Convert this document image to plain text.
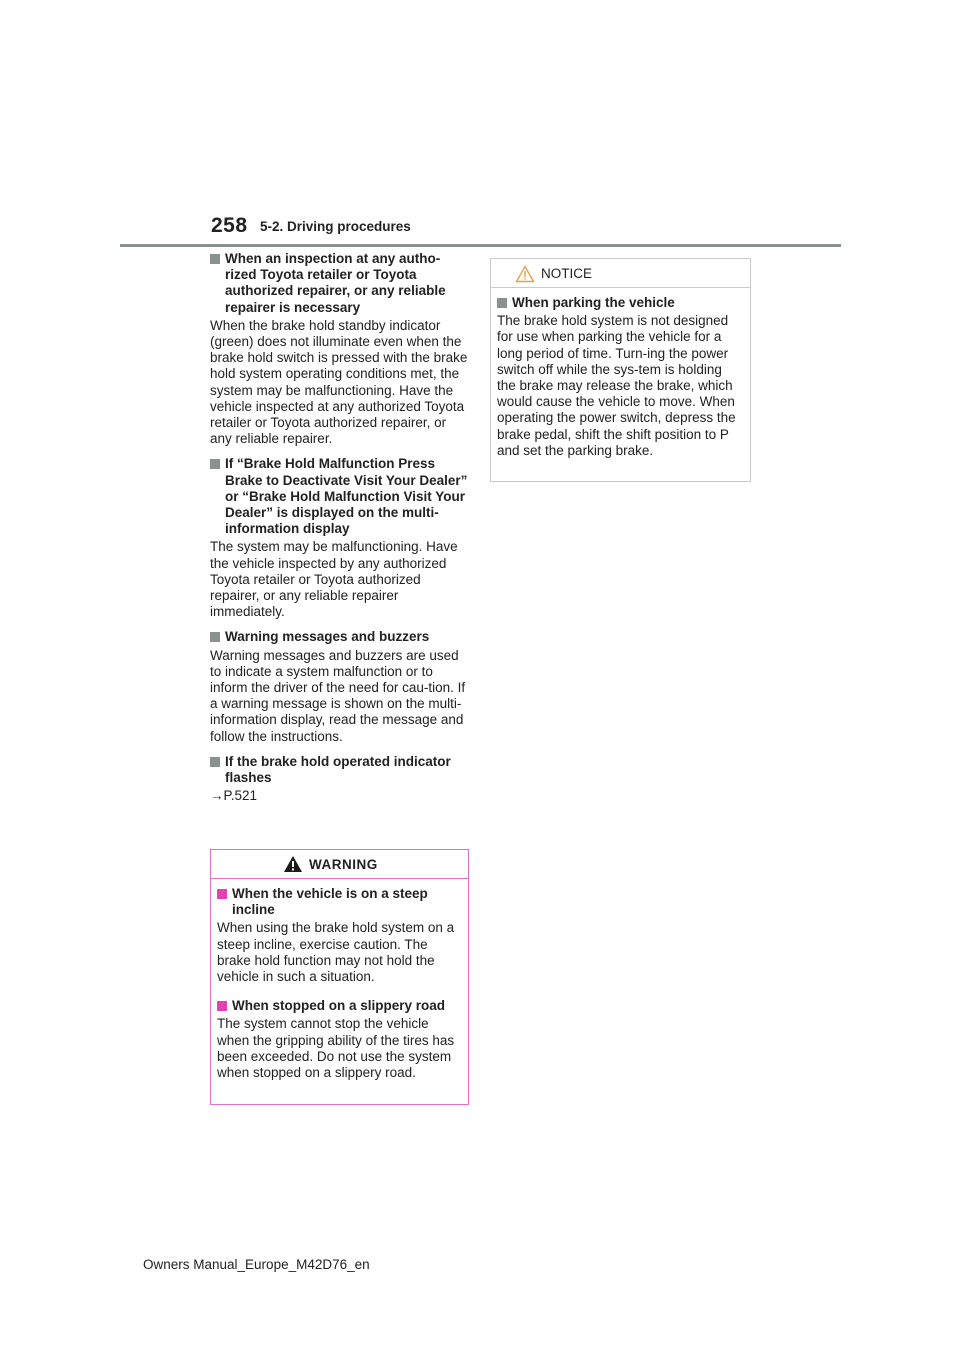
258 5-2. Driving procedures
When an inspection at any autho-rized Toyota retailer or Toyota authorized repairer, or any reliable repairer is necessary

When the brake hold standby indicator (green) does not illuminate even when the brake hold switch is pressed with the brake hold system operating conditions met, the system may be malfunctioning. Have the vehicle inspected at any authorized Toyota retailer or Toyota authorized repairer, or any reliable repairer.

If “Brake Hold Malfunction Press Brake to Deactivate Visit Your Dealer” or “Brake Hold Malfunction Visit Your Dealer” is displayed on the multi-information display

The system may be malfunctioning. Have the vehicle inspected by any authorized Toyota retailer or Toyota authorized repairer, or any reliable repairer immediately.

Warning messages and buzzers

Warning messages and buzzers are used to indicate a system malfunction or to inform the driver of the need for cau-tion. If a warning message is shown on the multi-information display, read the message and follow the instructions.

If the brake hold operated indicator flashes

→P.521

WARNING
When the vehicle is on a steep incline

When using the brake hold system on a steep incline, exercise caution. The brake hold function may not hold the vehicle in such a situation.

When stopped on a slippery road

The system cannot stop the vehicle when the gripping ability of the tires has been exceeded. Do not use the system when stopped on a slippery road.

NOTICE
When parking the vehicle

The brake hold system is not designed for use when parking the vehicle for a long period of time. Turn-ing the power switch off while the sys-tem is holding the brake may release the brake, which would cause the vehicle to move. When operating the power switch, depress the brake pedal, shift the shift position to P and set the parking brake.

Owners Manual_Europe_M42D76_en
